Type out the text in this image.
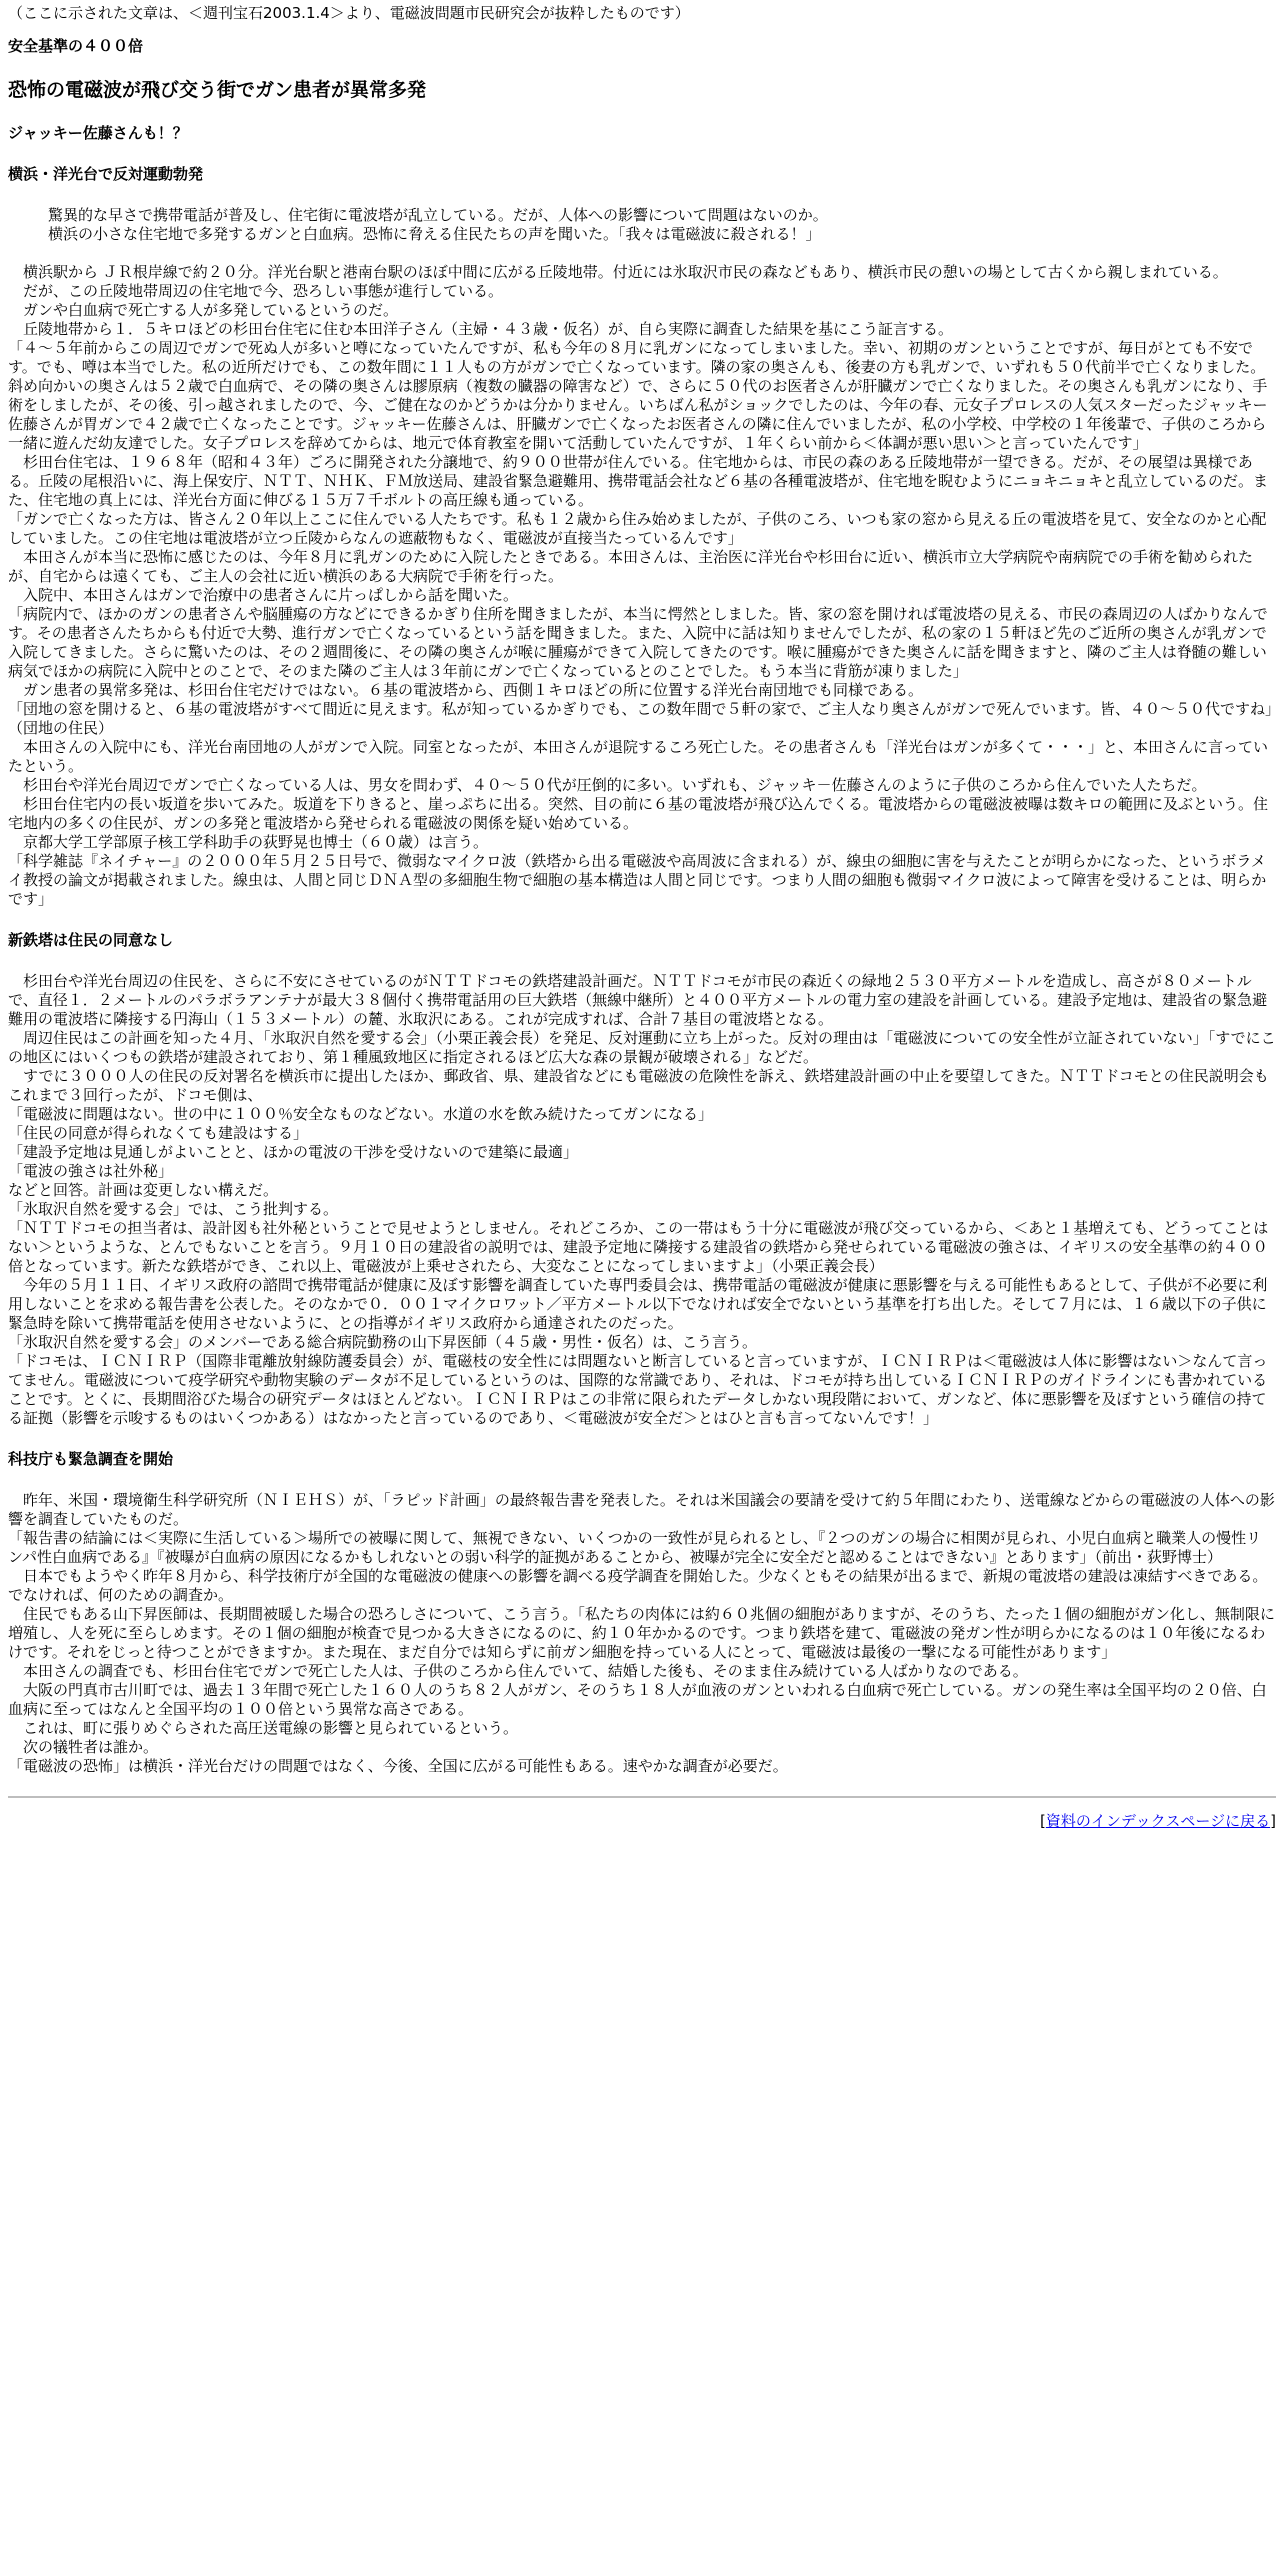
（ここに示された文章は、＜週刊宝石2003.1.4＞より、電磁波問題市民研究会が抜粋したものです）

安全基準の４００倍
恐怖の電磁波が飛び交う街でガン患者が異常多発
ジャッキー佐藤さんも！？
横浜・洋光台で反対運動勃発

驚異的な早さで携帯電話が普及し、住宅街に電波塔が乱立している。だが、人体への影響について問題はないのか。

横浜の小さな住宅地で多発するガンと白血病。恐怖に脅える住民たちの声を聞いた。「我々は電磁波に殺される！」

　横浜駅から ＪＲ根岸線で約２０分。洋光台駅と港南台駅のほぼ中間に広がる丘陵地帯。付近には氷取沢市民の森などもあり、横浜市民の憩いの場として古くから親しまれている。

　だが、この丘陵地帯周辺の住宅地で今、恐ろしい事態が進行している。

　ガンや白血病で死亡する人が多発しているというのだ。

　丘陵地帯から１．５キロほどの杉田台住宅に住む本田洋子さん（主婦・４３歳・仮名）が、自ら実際に調査した結果を基にこう証言する。

「４～５年前からこの周辺でガンで死ぬ人が多いと噂になっていたんですが、私も今年の８月に乳ガンになってしまいました。幸い、初期のガンということですが、毎日がとても不安です。でも、噂は本当でした。私の近所だけでも、この数年間に１１人もの方がガンで亡くなっています。隣の家の奥さんも、後妻の方も乳ガンで、いずれも５０代前半で亡くなりました。斜め向かいの奥さんは５２歳で白血病で、その隣の奥さんは膠原病（複数の臓器の障害など）で、さらに５０代のお医者さんが肝臓ガンで亡くなりました。その奥さんも乳ガンになり、手術をしましたが、その後、引っ越されましたので、今、ご健在なのかどうかは分かりません。いちばん私がショックでしたのは、今年の春、元女子プロレスの人気スターだったジャッキー佐藤さんが胃ガンで４２歳で亡くなったことです。ジャッキー佐藤さんは、肝臓ガンで亡くなったお医者さんの隣に住んでいましたが、私の小学校、中学校の１年後輩で、子供のころから一緒に遊んだ幼友達でした。女子プロレスを辞めてからは、地元で体育教室を開いて活動していたんですが、１年くらい前から＜体調が悪い思い＞と言っていたんです」

　杉田台住宅は、１９６８年（昭和４３年）ごろに開発された分譲地で、約９００世帯が住んでいる。住宅地からは、市民の森のある丘陵地帯が一望できる。だが、その展望は異様である。丘陵の尾根沿いに、海上保安庁、ＮＴＴ、ＮＨＫ、ＦＭ放送局、建設省緊急避難用、携帯電話会社など６基の各種電波塔が、住宅地を睨むようにニョキニョキと乱立しているのだ。また、住宅地の真上には、洋光台方面に伸びる１５万７千ボルトの高圧線も通っている。

「ガンで亡くなった方は、皆さん２０年以上ここに住んでいる人たちです。私も１２歳から住み始めましたが、子供のころ、いつも家の窓から見える丘の電波塔を見て、安全なのかと心配していました。この住宅地は電波塔が立つ丘陵からなんの遮蔽物もなく、電磁波が直接当たっているんです」

　本田さんが本当に恐怖に感じたのは、今年８月に乳ガンのために入院したときである。本田さんは、主治医に洋光台や杉田台に近い、横浜市立大学病院や南病院での手術を勧められたが、自宅からは遠くても、ご主人の会社に近い横浜のある大病院で手術を行った。

　入院中、本田さんはガンで治療中の患者さんに片っぱしから話を聞いた。

「病院内で、ほかのガンの患者さんや脳腫瘍の方などにできるかぎり住所を聞きましたが、本当に愕然としました。皆、家の窓を開ければ電波塔の見える、市民の森周辺の人ばかりなんです。その患者さんたちからも付近で大勢、進行ガンで亡くなっているという話を聞きました。また、入院中に話は知りませんでしたが、私の家の１５軒ほど先のご近所の奥さんが乳ガンで入院してきました。さらに驚いたのは、その２週間後に、その隣の奥さんが喉に腫瘍ができて入院してきたのです。喉に腫瘍ができた奥さんに話を聞きますと、隣のご主人は脊髄の難しい病気でほかの病院に入院中とのことで、そのまた隣のご主人は３年前にガンで亡くなっているとのことでした。もう本当に背筋が凍りました」

　ガン患者の異常多発は、杉田台住宅だけではない。６基の電波塔から、西側１キロほどの所に位置する洋光台南団地でも同様である。

「団地の窓を開けると、６基の電波塔がすべて間近に見えます。私が知っているかぎりでも、この数年間で５軒の家で、ご主人なり奥さんがガンで死んでいます。皆、４０～５０代ですね」（団地の住民）

　本田さんの入院中にも、洋光台南団地の人がガンで入院。同室となったが、本田さんが退院するころ死亡した。その患者さんも「洋光台はガンが多くて・・・」と、本田さんに言っていたという。

　杉田台や洋光台周辺でガンで亡くなっている人は、男女を問わず、４０～５０代が圧倒的に多い。いずれも、ジャッキ－佐藤さんのように子供のころから住んでいた人たちだ。

　杉田台住宅内の長い坂道を歩いてみた。坂道を下りきると、崖っぷちに出る。突然、目の前に６基の電波塔が飛び込んでくる。電波塔からの電磁波被曝は数キロの範囲に及ぶという。住宅地内の多くの住民が、ガンの多発と電波塔から発せられる電磁波の関係を疑い始めている。

　京都大学工学部原子核工学科助手の荻野晃也博士（６０歳）は言う。

「科学雑誌『ネイチャー』の２０００年５月２５日号で、微弱なマイクロ波（鉄塔から出る電磁波や高周波に含まれる）が、線虫の細胞に害を与えたことが明らかになった、というボラメイ教授の論文が掲載されました。線虫は、人間と同じＤＮＡ型の多細胞生物で細胞の基本構造は人間と同じです。つまり人間の細胞も微弱マイクロ波によって障害を受けることは、明らかです」

新鉄塔は住民の同意なし

　杉田台や洋光台周辺の住民を、さらに不安にさせているのがＮＴＴドコモの鉄塔建設計画だ。ＮＴＴドコモが市民の森近くの緑地２５３０平方メートルを造成し、高さが８０メートルで、直径１．２メートルのパラボラアンテナが最大３８個付く携帯電話用の巨大鉄塔（無線中継所）と４００平方メートルの電力室の建設を計画している。建設予定地は、建設省の緊急避難用の電波塔に隣接する円海山（１５３メートル）の麓、氷取沢にある。これが完成すれば、合計７基目の電波塔となる。

　周辺住民はこの計画を知った４月、「氷取沢自然を愛する会」（小栗正義会長）を発足、反対運動に立ち上がった。反対の理由は「電磁波についての安全性が立証されていない」「すでにこの地区にはいくつもの鉄塔が建設されており、第１種風致地区に指定されるほど広大な森の景観が破壊される」などだ。

　すでに３０００人の住民の反対署名を横浜市に提出したほか、郵政省、県、建設省などにも電磁波の危険性を訴え、鉄塔建設計画の中止を要望してきた。ＮＴＴドコモとの住民説明会もこれまで３回行ったが、ドコモ側は、

「電磁波に問題はない。世の中に１００％安全なものなどない。水道の水を飲み続けたってガンになる」

「住民の同意が得られなくても建設はする」

「建設予定地は見通しがよいことと、ほかの電波の干渉を受けないので建築に最適」

「電波の強さは社外秘」

などと回答。計画は変更しない構えだ。

「氷取沢自然を愛する会」では、こう批判する。

「ＮＴＴドコモの担当者は、設計図も社外秘ということで見せようとしません。それどころか、この一帯はもう十分に電磁波が飛び交っているから、＜あと１基増えても、どうってことはない＞というような、とんでもないことを言う。９月１０日の建設省の説明では、建設予定地に隣接する建設省の鉄塔から発せられている電磁波の強さは、イギリスの安全基準の約４００倍となっています。新たな鉄塔ができ、これ以上、電磁波が上乗せされたら、大変なことになってしまいますよ」（小栗正義会長）

　今年の５月１１日、イギリス政府の諮問で携帯電話が健康に及ぼす影響を調査していた専門委員会は、携帯電話の電磁波が健康に悪影響を与える可能性もあるとして、子供が不必要に利用しないことを求める報告書を公表した。そのなかで０．００１マイクロワット／平方メートル以下でなければ安全でないという基準を打ち出した。そして７月には、１６歳以下の子供に緊急時を除いて携帯電話を使用させないように、との指導がイギリス政府から通達されたのだった。

「氷取沢自然を愛する会」のメンバーである総合病院勤務の山下昇医師（４５歳・男性・仮名）は、こう言う。

「ドコモは、ＩＣＮＩＲＰ（国際非電離放射線防護委員会）が、電磁枝の安全性には問題ないと断言していると言っていますが、ＩＣＮＩＲＰは＜電磁波は人体に影響はない＞なんて言ってません。電磁波について疫学研究や動物実験のデータが不足しているというのは、国際的な常識であり、それは、ドコモが持ち出しているＩＣＮＩＲＰのガイドラインにも書かれていることです。とくに、長期間浴びた場合の研究データはほとんどない。ＩＣＮＩＲＰはこの非常に限られたデータしかない現段階において、ガンなど、体に悪影響を及ぼすという確信の持てる証拠（影響を示唆するものはいくつかある）はなかったと言っているのであり、＜電磁波が安全だ＞とはひと言も言ってないんです！」

科技庁も緊急調査を開始

　昨年、米国・環境衛生科学研究所（ＮＩＥＨＳ）が、「ラピッド計画」の最終報告書を発表した。それは米国議会の要請を受けて約５年間にわたり、送電線などからの電磁波の人体への影響を調査していたものだ。

「報告書の結論には＜実際に生活している＞場所での被曝に関して、無視できない、いくつかの一致性が見られるとし、『２つのガンの場合に相関が見られ、小児白血病と職業人の慢性リンパ性白血病である』『被曝が白血病の原因になるかもしれないとの弱い科学的証拠があることから、被曝が完全に安全だと認めることはできない』とあります」（前出・荻野博士）

　日本でもようやく昨年８月から、科学技術庁が全国的な電磁波の健康への影響を調べる疫学調査を開始した。少なくともその結果が出るまで、新規の電波塔の建設は凍結すべきである。でなければ、何のための調査か。

　住民でもある山下昇医師は、長期間被暖した場合の恐ろしさについて、こう言う。「私たちの肉体には約６０兆個の細胞がありますが、そのうち、たった１個の細胞がガン化し、無制限に増殖し、人を死に至らしめます。その１個の細胞が検査で見つかる大きさになるのに、約１０年かかるのです。つまり鉄塔を建て、電磁波の発ガン性が明らかになるのは１０年後になるわけです。それをじっと待つことができますか。また現在、まだ自分では知らずに前ガン細胞を持っている人にとって、電磁波は最後の一撃になる可能性があります」

　本田さんの調査でも、杉田台住宅でガンで死亡した人は、子供のころから住んでいて、結婚した後も、そのまま住み続けている人ばかりなのである。

　大阪の門真市古川町では、過去１３年間で死亡した１６０人のうち８２人がガン、そのうち１８人が血液のガンといわれる白血病で死亡している。ガンの発生率は全国平均の２０倍、白血病に至ってはなんと全国平均の１００倍という異常な高さである。

　これは、町に張りめぐらされた高圧送電線の影響と見られているという。

　次の犠牲者は誰か。

「電磁波の恐怖」は横浜・洋光台だけの問題ではなく、今後、全国に広がる可能性もある。速やかな調査が必要だ。

[資料のインデックスページに戻る]
